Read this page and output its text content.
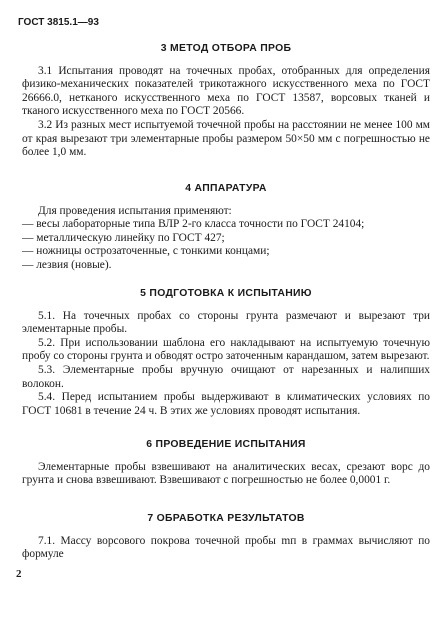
ГОСТ 3815.1—93
3 МЕТОД ОТБОРА ПРОБ

3.1 Испытания проводят на точечных пробах, отобранных для определения физико-механических показателей трикотажного искусственного меха по ГОСТ 26666.0, нетканого искусственного меха по ГОСТ 13587, ворсовых тканей и тканого искусственного меха по ГОСТ 20566.

3.2 Из разных мест испытуемой точечной пробы на расстоянии не менее 100 мм от края вырезают три элементарные пробы размером 50×50 мм с погрешностью не более 1,0 мм.

4 АППАРАТУРА

Для проведения испытания применяют:

— весы лабораторные типа ВЛР 2-го класса точности по ГОСТ 24104;

— металлическую линейку по ГОСТ 427;

— ножницы острозаточенные, с тонкими концами;

— лезвия (новые).

5 ПОДГОТОВКА К ИСПЫТАНИЮ

5.1. На точечных пробах со стороны грунта размечают и вырезают три элементарные пробы.

5.2. При использовании шаблона его накладывают на испытуемую точечную пробу со стороны грунта и обводят остро заточенным карандашом, затем вырезают.

5.3. Элементарные пробы вручную очищают от нарезанных и налипших волокон.

5.4. Перед испытанием пробы выдерживают в климатических условиях по ГОСТ 10681 в течение 24 ч. В этих же условиях проводят испытания.

6 ПРОВЕДЕНИЕ ИСПЫТАНИЯ

Элементарные пробы взвешивают на аналитических весах, срезают ворс до грунта и снова взвешивают. Взвешивают с погрешностью не более 0,0001 г.

7 ОБРАБОТКА РЕЗУЛЬТАТОВ

7.1. Массу ворсового покрова точечной пробы mп в граммах вычисляют по формуле

2
